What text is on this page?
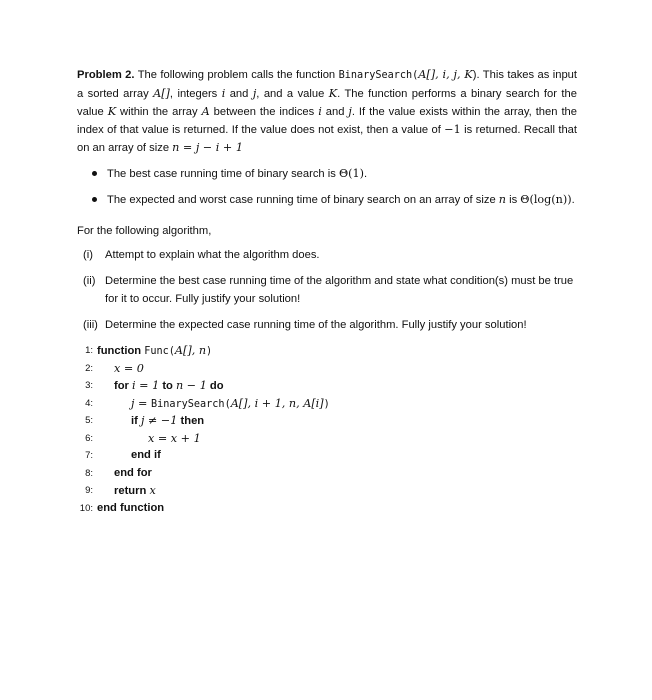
Problem 2. The following problem calls the function BinarySearch(A[], i, j, K). This takes as input a sorted array A[], integers i and j, and a value K. The function performs a binary search for the value K within the array A between the indices i and j. If the value exists within the array, then the index of that value is returned. If the value does not exist, then a value of −1 is returned. Recall that on an array of size n = j − i + 1

The best case running time of binary search is Θ(1).
The expected and worst case running time of binary search on an array of size n is Θ(log(n)).
For the following algorithm,
(i) Attempt to explain what the algorithm does.
(ii) Determine the best case running time of the algorithm and state what condition(s) must be true for it to occur. Fully justify your solution!
(iii) Determine the expected case running time of the algorithm. Fully justify your solution!
1: function Func(A[], n)
2: x = 0
3: for i = 1 to n − 1 do
4:	j = BinarySearch(A[], i + 1, n, A[i])
5:	if j ≠ −1 then
6:	x = x + 1
7:	end if
8: end for
9: return x
10: end function
